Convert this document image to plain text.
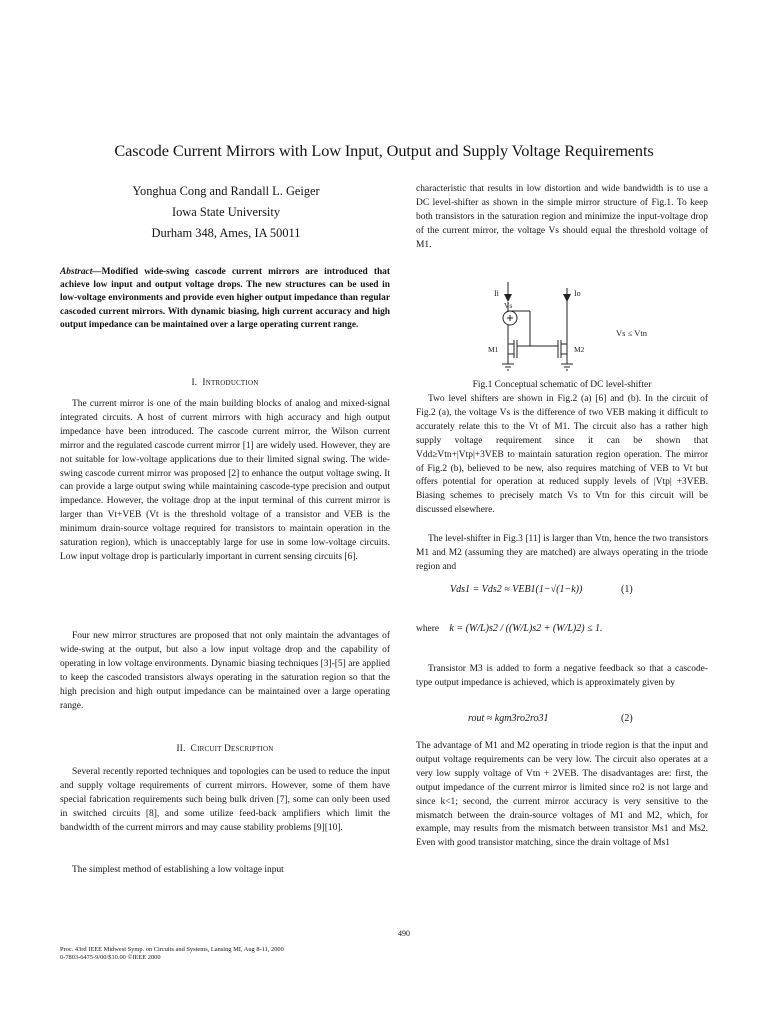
Cascode Current Mirrors with Low Input, Output and Supply Voltage Requirements
Yonghua Cong and Randall L. Geiger
Iowa State University
Durham 348, Ames, IA 50011
Abstract—Modified wide-swing cascode current mirrors are introduced that achieve low input and output voltage drops. The new structures can be used in low-voltage environments and provide even higher output impedance than regular cascoded current mirrors. With dynamic biasing, high current accuracy and high output impedance can be maintained over a large operating current range.
I. Introduction

The current mirror is one of the main building blocks of analog and mixed-signal integrated circuits. A host of current mirrors with high accuracy and high output impedance have been introduced. The cascode current mirror, the Wilson current mirror and the regulated cascode current mirror [1] are widely used. However, they are not suitable for low-voltage applications due to their limited signal swing. The wide-swing cascode current mirror was proposed [2] to enhance the output voltage swing. It can provide a large output swing while maintaining cascode-type precision and output impedance. However, the voltage drop at the input terminal of this current mirror is larger than Vt+VEB (Vt is the threshold voltage of a transistor and VEB is the minimum drain-source voltage required for transistors to maintain operation in the saturation region), which is unacceptably large for use in some low-voltage circuits. Low input voltage drop is particularly important in current sensing circuits [6].

Four new mirror structures are proposed that not only maintain the advantages of wide-swing at the output, but also a low input voltage drop and the capability of operating in low voltage environments. Dynamic biasing techniques [3]-[5] are applied to keep the cascoded transistors always operating in the saturation region so that the high precision and high output impedance can be maintained over a large operating range.

II. Circuit Description

Several recently reported techniques and topologies can be used to reduce the input and supply voltage requirements of current mirrors. However, some of them have special fabrication requirements such being bulk driven [7], some can only been used in switched circuits [8], and some utilize feed-back amplifiers which limit the bandwidth of the current mirrors and may cause stability problems [9][10].

The simplest method of establishing a low voltage input

characteristic that results in low distortion and wide bandwidth is to use a DC level-shifter as shown in the simple mirror structure of Fig.1. To keep both transistors in the saturation region and minimize the input-voltage drop of the current mirror, the voltage Vs should equal the threshold voltage of M1.

Ii	Io
Vs
M1	M2
Vs ≤ Vtn
Fig.1 Conceptual schematic of DC level-shifter

Two level shifters are shown in Fig.2 (a) [6] and (b). In the circuit of Fig.2 (a), the voltage Vs is the difference of two VEB making it difficult to accurately relate this to the Vt of M1. The circuit also has a rather high supply voltage requirement since it can be shown that Vdd≥Vtn+|Vtp|+3VEB to maintain saturation region operation. The mirror of Fig.2 (b), believed to be new, also requires matching of VEB to Vt but offers potential for operation at reduced supply levels of |Vtp| +3VEB. Biasing schemes to precisely match Vs to Vtn for this circuit will be discussed elsewhere.

The level-shifter in Fig.3 [11] is larger than Vtn, hence the two transistors M1 and M2 (assuming they are matched) are always operating in the triode region and

Vds1 = Vds2 ≈ VEB1(1−√(1−k))	(1)
where k = (W/L)s2 / ((W/L)s2 + (W/L)2) ≤ 1.

Transistor M3 is added to form a negative feedback so that a cascode-type output impedance is achieved, which is approximately given by

rout ≈ kgm3ro2ro31	(2)

The advantage of M1 and M2 operating in triode region is that the input and output voltage requirements can be very low. The circuit also operates at a very low supply voltage of Vtn + 2VEB. The disadvantages are: first, the output impedance of the current mirror is limited since ro2 is not large and since k<1; second, the current mirror accuracy is very sensitive to the mismatch between the drain-source voltages of M1 and M2, which, for example, may results from the mismatch between transistor Ms1 and Ms2. Even with good transistor matching, since the drain voltage of Ms1

490
Proc. 43rd IEEE Midwest Symp. on Circuits and Systems, Lansing MI, Aug 8-11, 2000
0-7803-6475-9/00/$10.00 ©IEEE 2000
